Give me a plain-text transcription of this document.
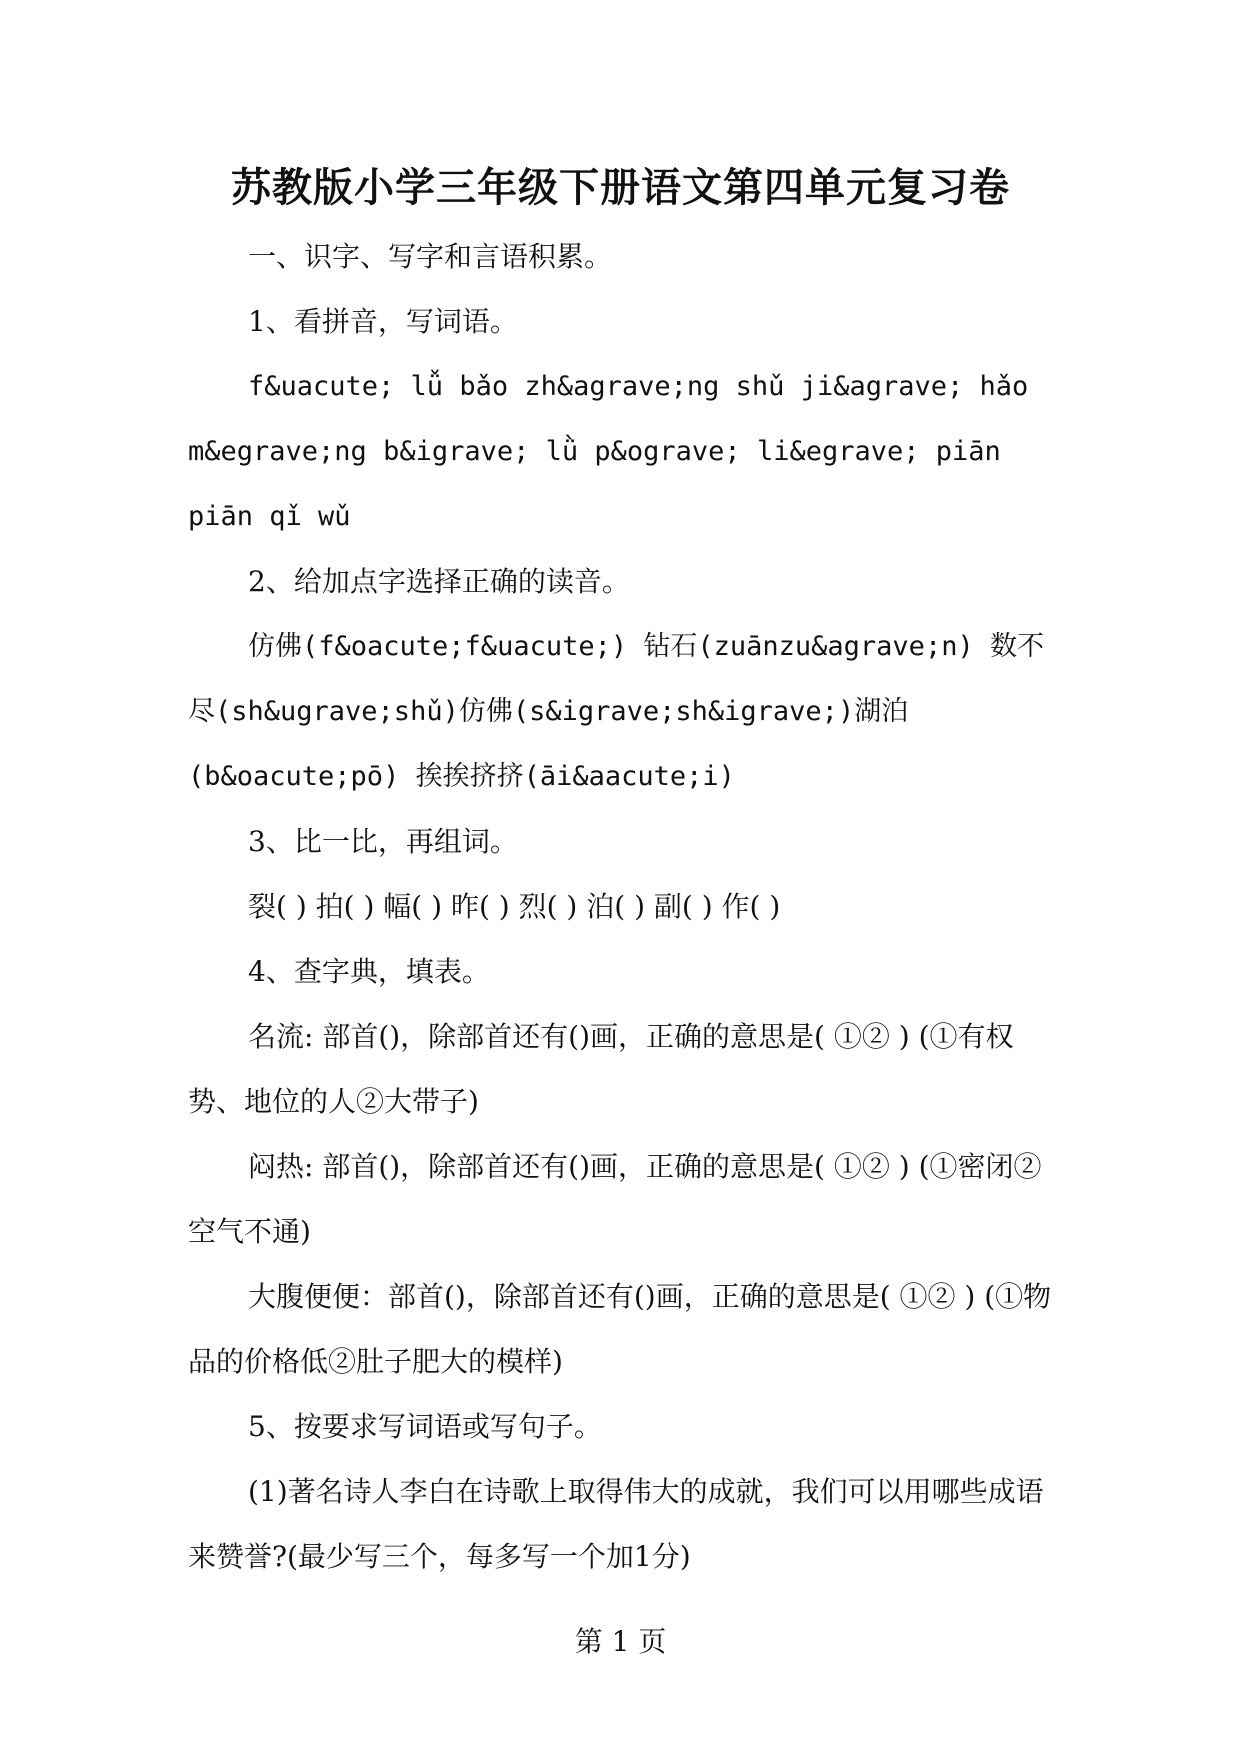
苏教版小学三年级下册语文第四单元复习卷

一、识字、写字和言语积累。

1、看拼音，写词语。

f&uacute; lǚ bǎo zh&agrave;ng shǔ ji&agrave; hǎo m&egrave;ng b&igrave; lǜ p&ograve; li&egrave; piān piān qǐ wǔ

2、给加点字选择正确的读音。

仿佛(f&oacute;f&uacute;) 钻石(zuānzu&agrave;n) 数不尽(sh&ugrave;shǔ)仿佛(s&igrave;sh&igrave;)湖泊(b&oacute;pō) 挨挨挤挤(āi&aacute;i)

3、比一比，再组词。

裂( ) 拍( ) 幅( ) 昨( ) 烈( ) 泊( ) 副( ) 作( )

4、查字典，填表。

名流: 部首()，除部首还有()画，正确的意思是( ①② ) (①有权势、地位的人②大带子)

闷热: 部首()，除部首还有()画，正确的意思是( ①② ) (①密闭②空气不通)

大腹便便：部首()，除部首还有()画，正确的意思是( ①② ) (①物品的价格低②肚子肥大的模样)

5、按要求写词语或写句子。

(1)著名诗人李白在诗歌上取得伟大的成就，我们可以用哪些成语来赞誉?(最少写三个，每多写一个加1分)

第 1 页
